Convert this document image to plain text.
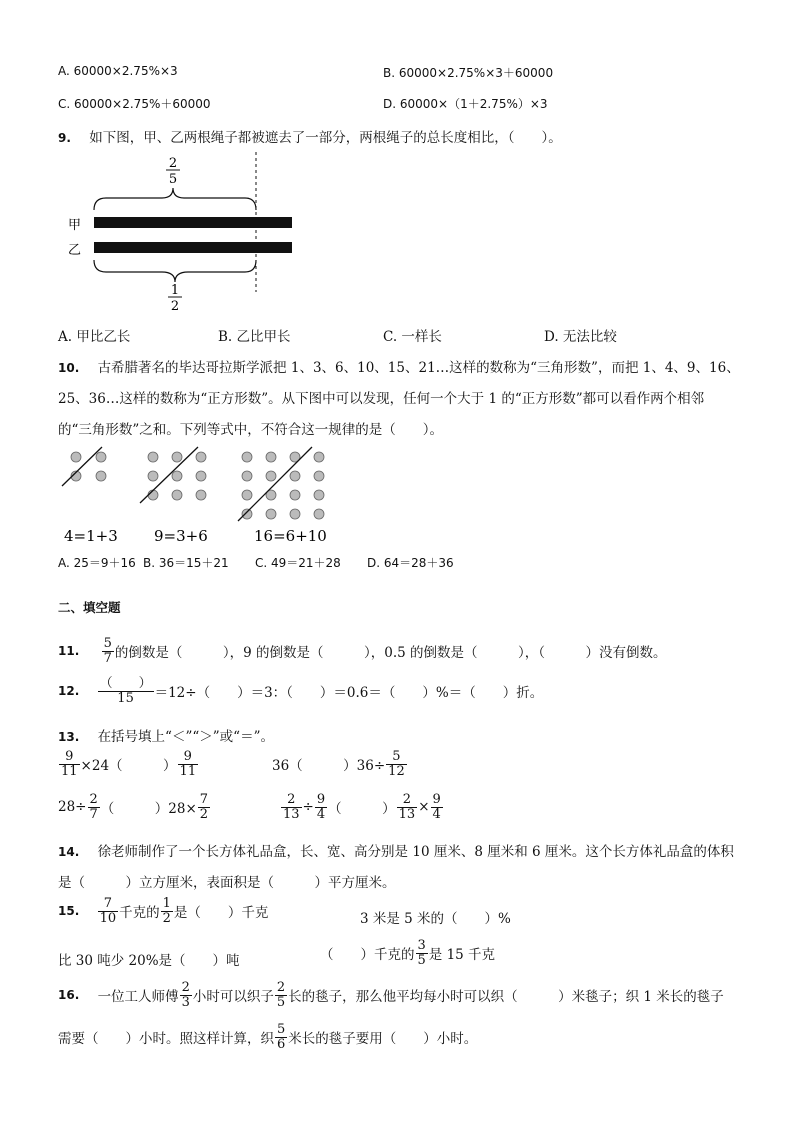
A. 60000×2.75%×3	B. 60000×2.75%×3＋60000
C. 60000×2.75%＋60000	D. 60000×（1＋2.75%）×3
9. 如下图，甲、乙两根绳子都被遮去了一部分，两根绳子的总长度相比，（　　）。
2
5
甲
乙
1
2
A. 甲比乙长	B. 乙比甲长	C. 一样长	D. 无法比较
10. 古希腊著名的毕达哥拉斯学派把 1、3、6、10、15、21…这样的数称为“三角形数”，而把 1、4、9、16、
25、36…这样的数称为“正方形数”。从下图中可以发现，任何一个大于 1 的“正方形数”都可以看作两个相邻
的“三角形数”之和。下列等式中，不符合这一规律的是（　　）。
4=1+3 9=3+6	16=6+10
A. 25＝9＋16 B. 36＝15＋21 C. 49＝21＋28 D. 64＝28＋36
二、填空题
11. $\frac{5}{7}$ 的倒数是（　　　），9 的倒数是（　　　），0.5 的倒数是（　　　），（　　　）没有倒数。
12. $\frac{( )}{15} =12\div$（　　）＝3：（　　）＝0.6＝（　　）%＝（　　）折。
13. 在括号填上“＜”“＞”或“＝”。
$\frac{9}{11} \times 24$（　　　） $\frac{9}{11}$	36（　　　）$36\div \frac{5}{12}$
$28\div \frac{2}{7}$ （　　　）$28\times \frac{7}{2}$	$\frac{2}{13} \div \frac{9}{4}$ （　　　） $\frac{2}{13} \times \frac{9}{4}$
14. 徐老师制作了一个长方体礼品盒，长、宽、高分别是 10 厘米、8 厘米和 6 厘米。这个长方体礼品盒的体积
是（　　　）立方厘米，表面积是（　　　）平方厘米。
15. $\frac{7}{10}$ 千克的 $\frac{1}{2}$ 是（　　）千克	3 米是 5 米的（　　）%
比 30 吨少 20%是（　　）吨	（　　）千克的 $\frac{3}{5}$ 是 15 千克
16. 一位工人师傅 $\frac{2}{3}$ 小时可以织子 $\frac{2}{5}$ 长的毯子，那么他平均每小时可以织（　　　）米毯子；织 1 米长的毯子
需要（　　）小时。照这样计算，织 $\frac{5}{6}$ 米长的毯子要用（　　）小时。
